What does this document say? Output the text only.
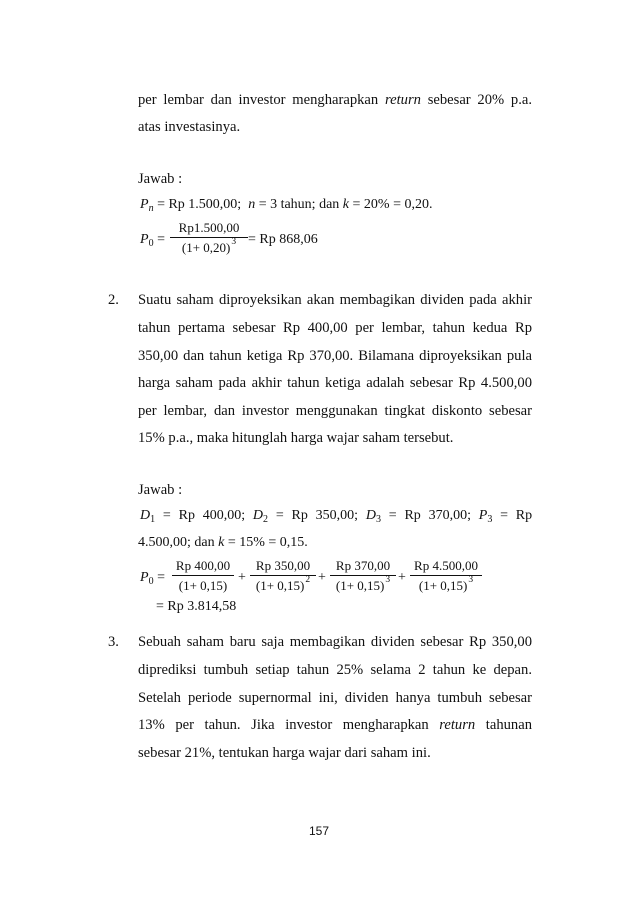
per lembar dan investor mengharapkan return sebesar 20% p.a.
atas investasinya.
Jawab :
$P_n = Rp$ 1.500,00; n = 3 tahun; dan k = 20% = 0,20.
$P_0$ =
Rp1.500,00
$(1+ 0,20)^3 = Rp$ 868,06
2. Suatu saham diproyeksikan akan membagikan dividen pada akhir
tahun pertama sebesar Rp 400,00 per lembar, tahun kedua Rp
350,00 dan tahun ketiga Rp 370,00. Bilamana diproyeksikan pula
harga saham pada akhir tahun ketiga adalah sebesar Rp 4.500,00
per lembar, dan investor menggunakan tingkat diskonto sebesar
15% p.a., maka hitunglah harga wajar saham tersebut.
Jawab :
$D_1 = Rp$ 400,00; $D_2 = Rp$ 350,00; $D_3 = Rp$ 370,00; $P_3 = Rp$
4.500,00; dan k = 15% = 0,15.
$P_0$ =
Rp 400,00
(1+ 0,15)
+
Rp 350,00
$(1+ 0,15)^2$ +
Rp 370,00
$(1+ 0,15)^3$ +
Rp 4.500,00
$(1+ 0,15)^3$
= Rp 3.814,58
3. Sebuah saham baru saja membagikan dividen sebesar Rp 350,00
diprediksi tumbuh setiap tahun 25% selama 2 tahun ke depan.
Setelah periode supernormal ini, dividen hanya tumbuh sebesar
13% per tahun. Jika investor mengharapkan return tahunan
sebesar 21%, tentukan harga wajar dari saham ini.
157
